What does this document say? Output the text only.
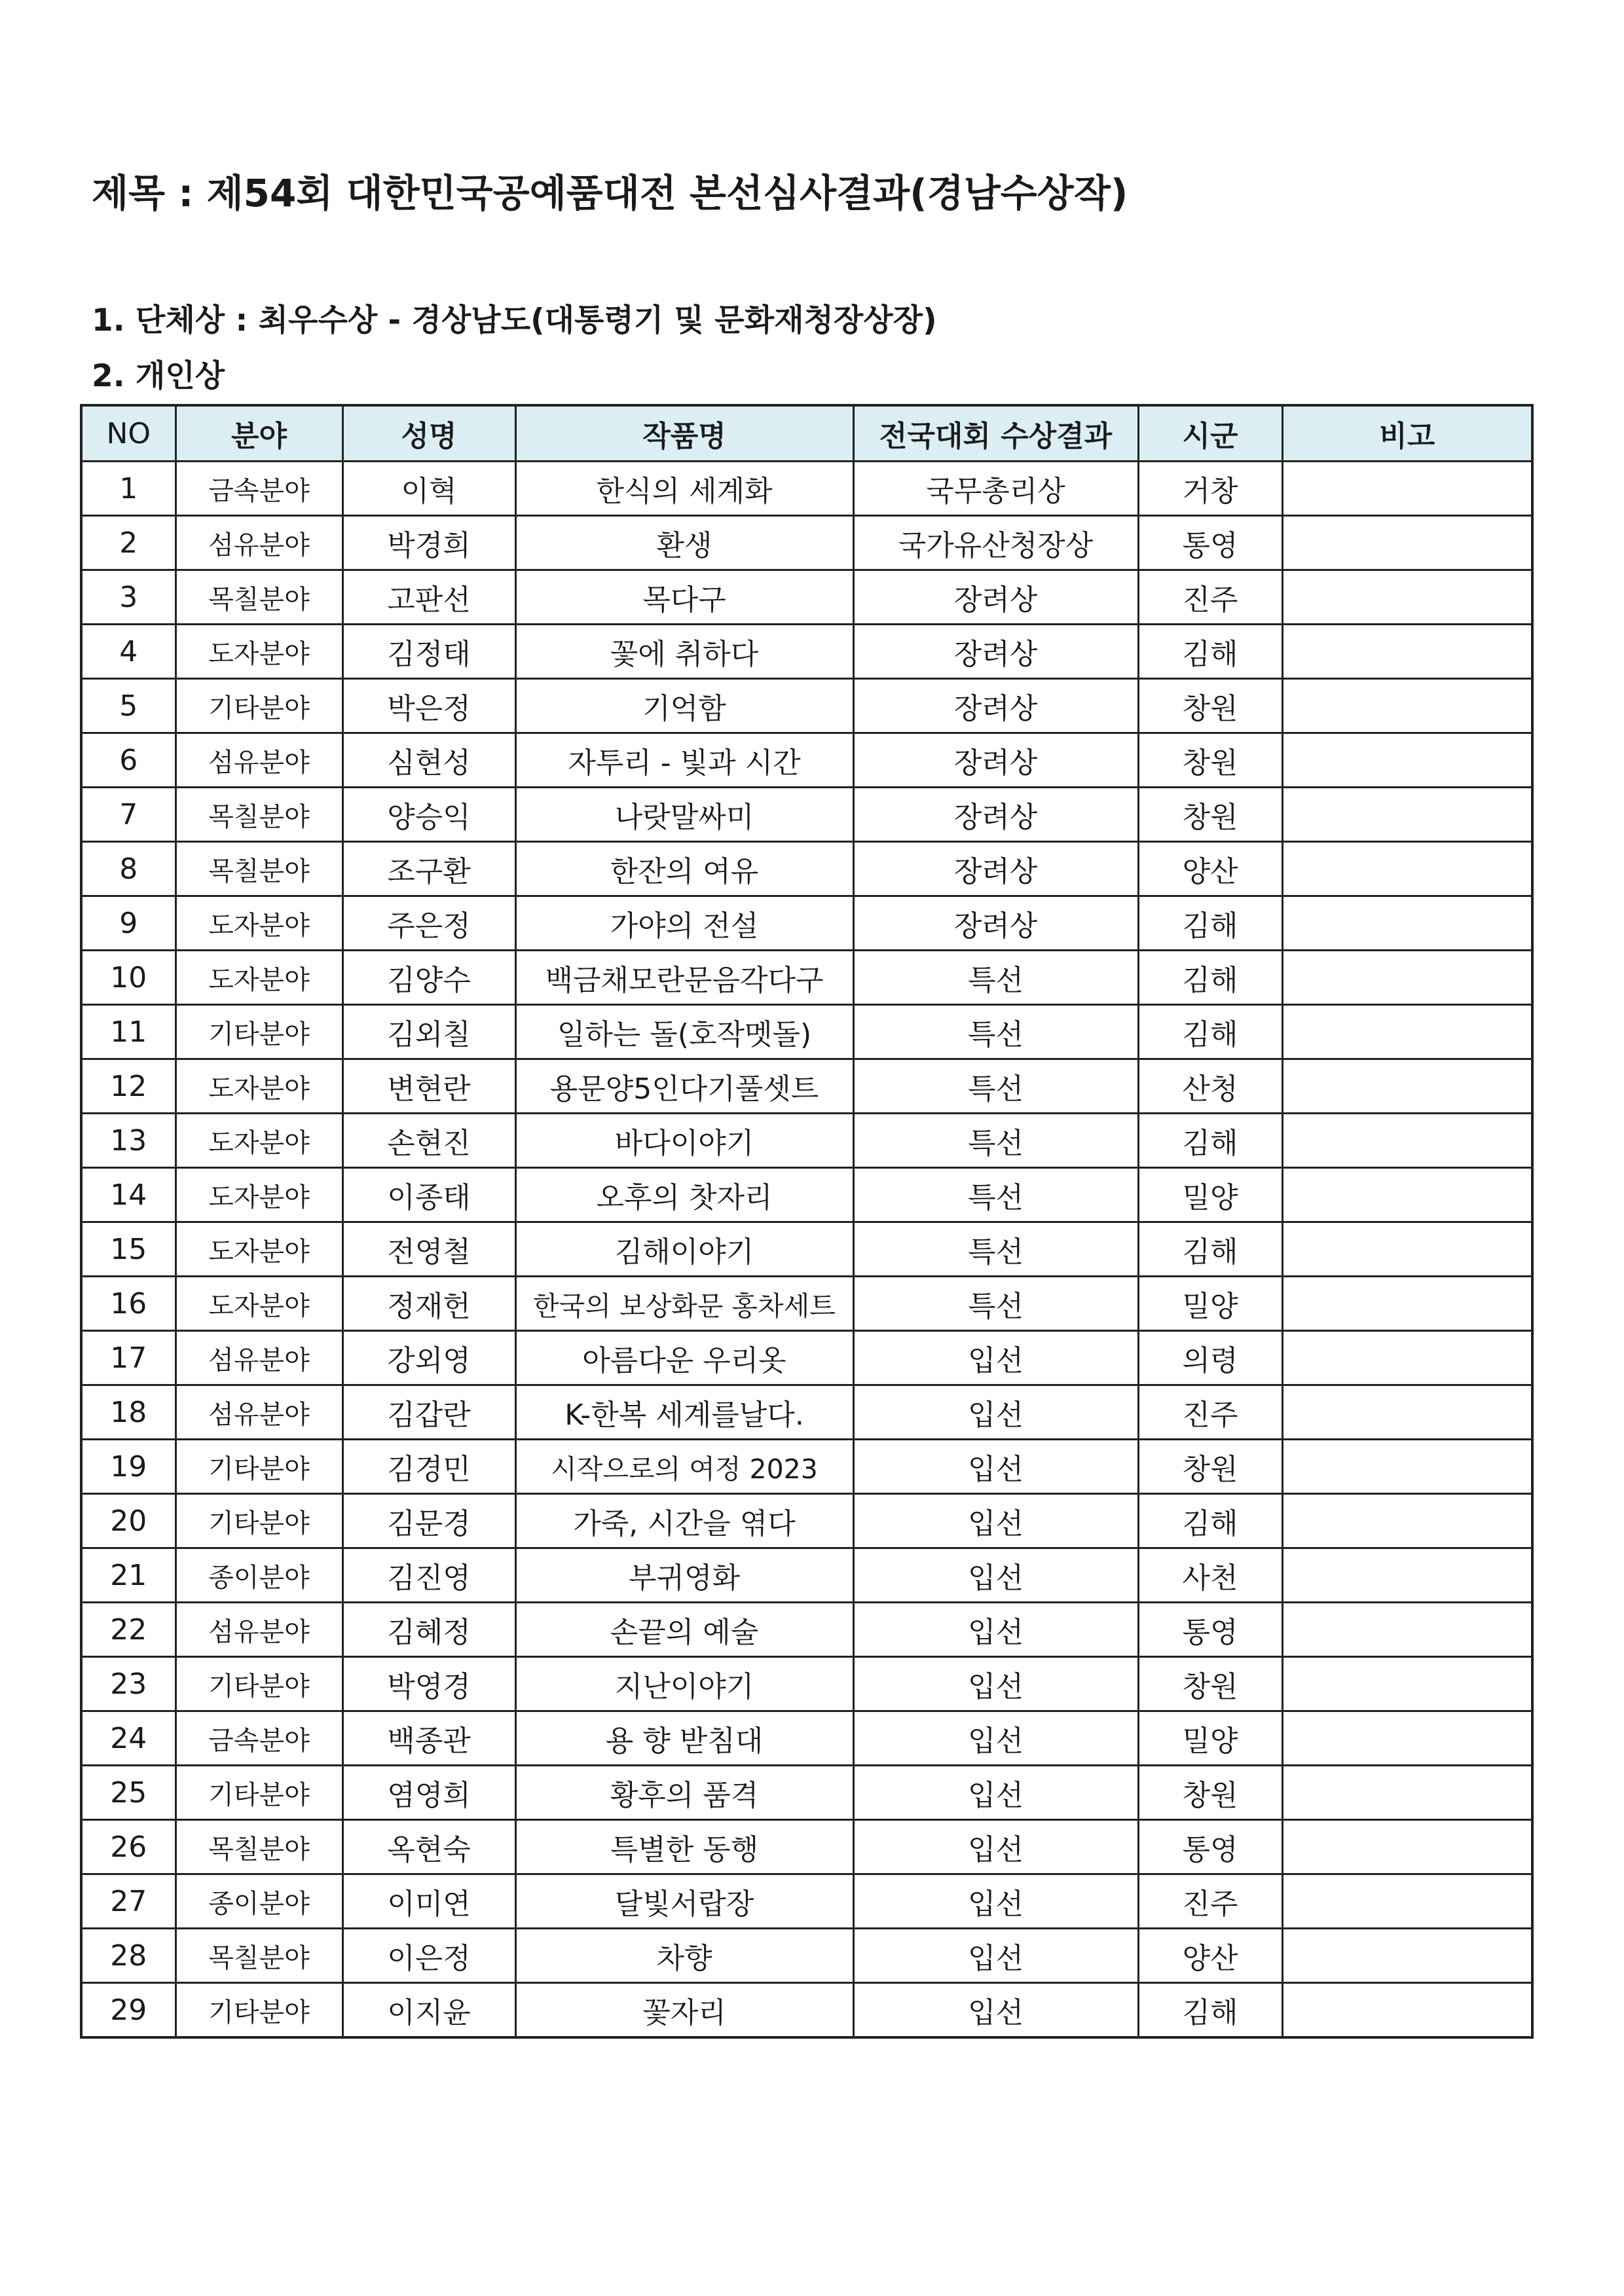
제목 : 제54회 대한민국공예품대전 본선심사결과(경남수상작)
1. 단체상 : 최우수상 - 경상남도(대통령기 및 문화재청장상장)
2. 개인상
NO	분야	성명	작품명	전국대회 수상결과	시군	비고
1	금속분야	이혁	한식의 세계화	국무총리상	거창	
2	섬유분야	박경희	환생	국가유산청장상	통영	
3	목칠분야	고판선	목다구	장려상	진주	
4	도자분야	김정태	꽃에 취하다	장려상	김해	
5	기타분야	박은정	기억함	장려상	창원	
6	섬유분야	심현성	자투리 - 빛과 시간	장려상	창원	
7	목칠분야	양승익	나랏말싸미	장려상	창원	
8	목칠분야	조구환	한잔의 여유	장려상	양산	
9	도자분야	주은정	가야의 전설	장려상	김해	
10	도자분야	김양수	백금채모란문음각다구	특선	김해	
11	기타분야	김외칠	일하는 돌(호작멧돌)	특선	김해	
12	도자분야	변현란	용문양5인다기풀셋트	특선	산청	
13	도자분야	손현진	바다이야기	특선	김해	
14	도자분야	이종태	오후의 찻자리	특선	밀양	
15	도자분야	전영철	김해이야기	특선	김해	
16	도자분야	정재헌	한국의 보상화문 홍차세트	특선	밀양	
17	섬유분야	강외영	아름다운 우리옷	입선	의령	
18	섬유분야	김갑란	K-한복 세계를날다.	입선	진주	
19	기타분야	김경민	시작으로의 여정 2023	입선	창원	
20	기타분야	김문경	가죽, 시간을 엮다	입선	김해	
21	종이분야	김진영	부귀영화	입선	사천	
22	섬유분야	김혜정	손끝의 예술	입선	통영	
23	기타분야	박영경	지난이야기	입선	창원	
24	금속분야	백종관	용 향 받침대	입선	밀양	
25	기타분야	염영희	황후의 품격	입선	창원	
26	목칠분야	옥현숙	특별한 동행	입선	통영	
27	종이분야	이미연	달빛서랍장	입선	진주	
28	목칠분야	이은정	차향	입선	양산	
29	기타분야	이지윤	꽃자리	입선	김해	
